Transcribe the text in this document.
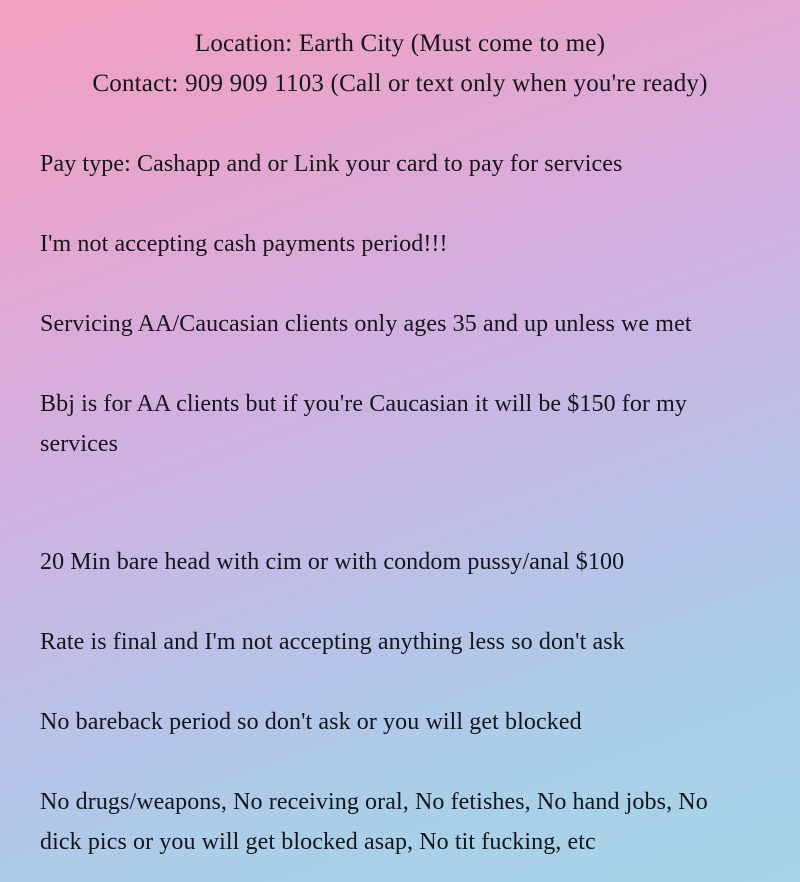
Location: Earth City (Must come to me)
Contact: 909 909 1103 (Call or text only when you're ready)

Pay type: Cashapp and or Link your card to pay for services

I'm not accepting cash payments period!!!

Servicing AA/Caucasian clients only ages 35 and up unless we met

Bbj is for AA clients but if you're Caucasian it will be $150 for my services

20 Min bare head with cim or with condom pussy/anal $100

Rate is final and I'm not accepting anything less so don't ask

No bareback period so don't ask or you will get blocked

No drugs/weapons, No receiving oral, No fetishes, No hand jobs, No dick pics or you will get blocked asap, No tit fucking, etc
